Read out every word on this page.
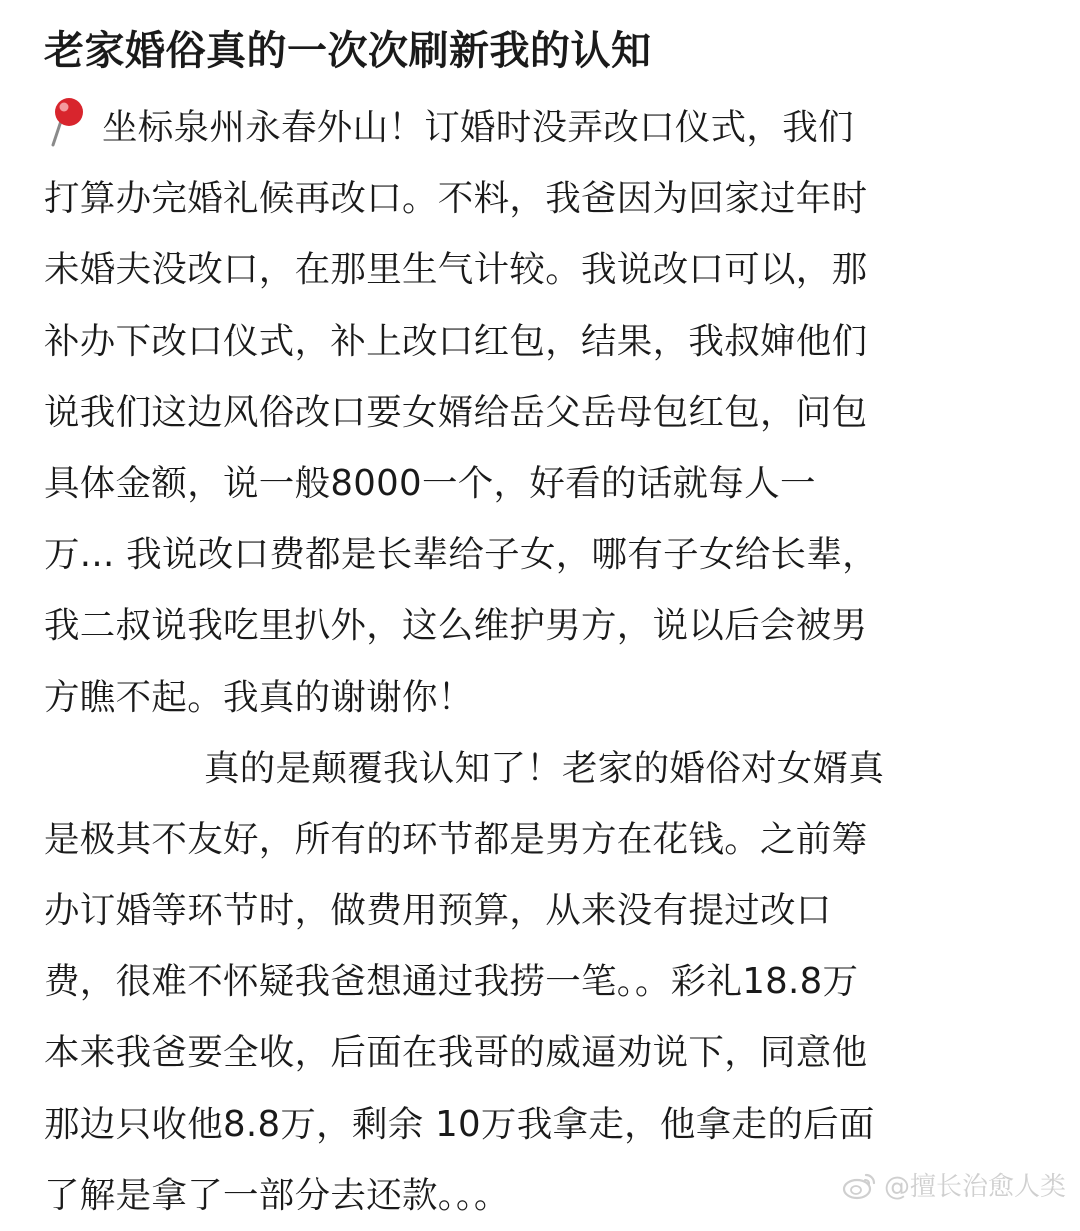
老家婚俗真的一次次刷新我的认知
坐标泉州永春外山！订婚时没弄改口仪式，我们
打算办完婚礼候再改口。不料，我爸因为回家过年时
未婚夫没改口，在那里生气计较。我说改口可以，那
补办下改口仪式，补上改口红包，结果，我叔婶他们
说我们这边风俗改口要女婿给岳父岳母包红包，问包
具体金额，说一般8000一个，好看的话就每人一
万... 我说改口费都是长辈给子女，哪有子女给长辈，
我二叔说我吃里扒外，这么维护男方，说以后会被男
方瞧不起。我真的谢谢你！
真的是颠覆我认知了！老家的婚俗对女婿真
是极其不友好，所有的环节都是男方在花钱。之前筹
办订婚等环节时，做费用预算，从来没有提过改口
费，很难不怀疑我爸想通过我捞一笔。。彩礼18.8万
本来我爸要全收，后面在我哥的威逼劝说下，同意他
那边只收他8.8万，剩余 10万我拿走，他拿走的后面
了解是拿了一部分去还款。。。	@擅长治愈人类
